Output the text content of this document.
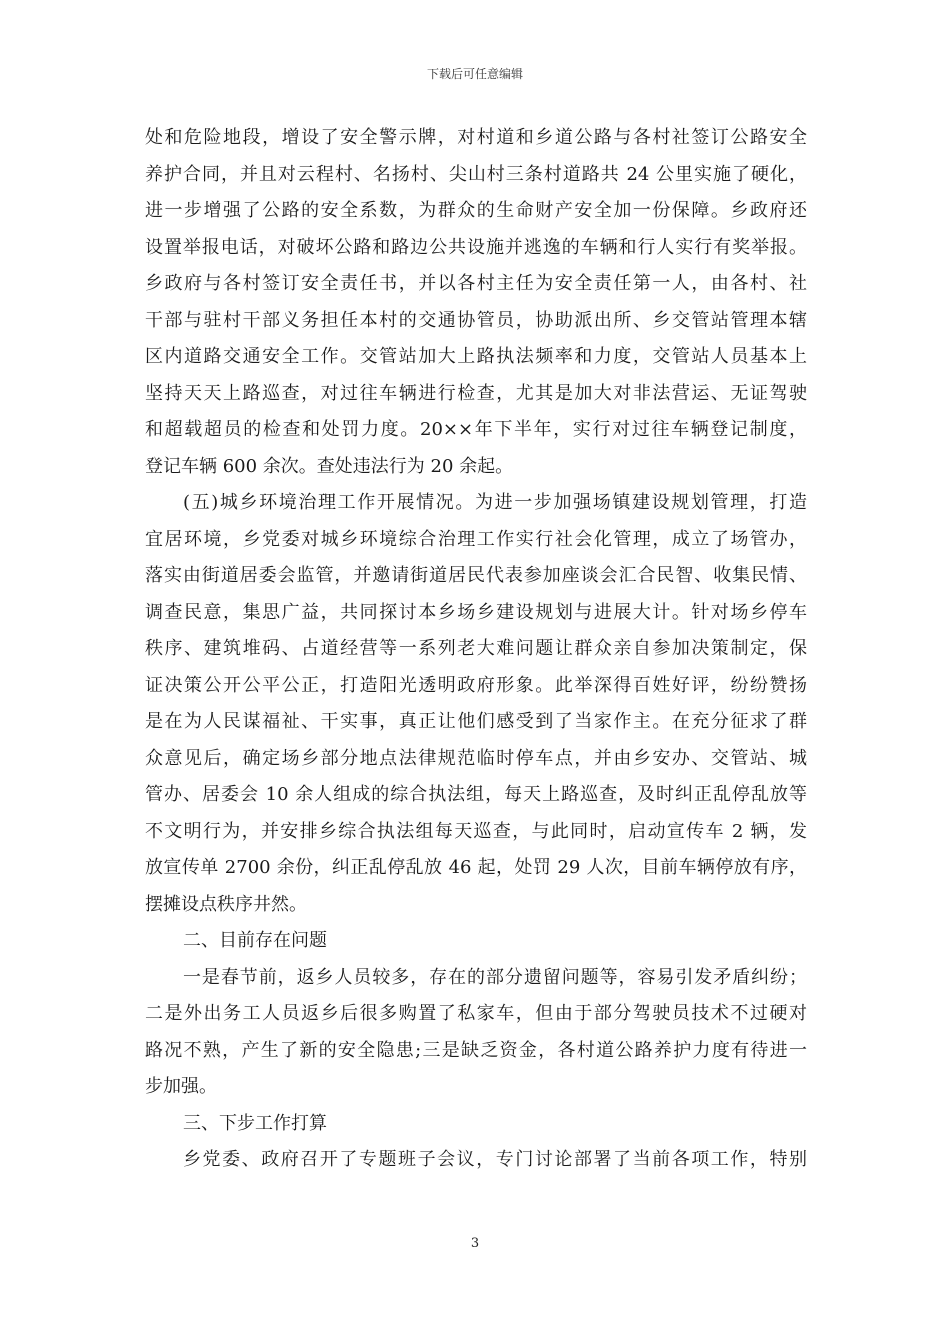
下载后可任意编辑
处和危险地段，增设了安全警示牌，对村道和乡道公路与各村社签订公路安全
养护合同，并且对云程村、名扬村、尖山村三条村道路共 24 公里实施了硬化，
进一步增强了公路的安全系数，为群众的生命财产安全加一份保障。乡政府还
设置举报电话，对破坏公路和路边公共设施并逃逸的车辆和行人实行有奖举报。
乡政府与各村签订安全责任书，并以各村主任为安全责任第一人，由各村、社
干部与驻村干部义务担任本村的交通协管员，协助派出所、乡交管站管理本辖
区内道路交通安全工作。交管站加大上路执法频率和力度，交管站人员基本上
坚持天天上路巡查，对过往车辆进行检查，尤其是加大对非法营运、无证驾驶
和超载超员的检查和处罚力度。20××年下半年，实行对过往车辆登记制度，
登记车辆 600 余次。查处违法行为 20 余起。
(五)城乡环境治理工作开展情况。为进一步加强场镇建设规划管理，打造
宜居环境，乡党委对城乡环境综合治理工作实行社会化管理，成立了场管办，
落实由街道居委会监管，并邀请街道居民代表参加座谈会汇合民智、收集民情、
调查民意，集思广益，共同探讨本乡场乡建设规划与进展大计。针对场乡停车
秩序、建筑堆码、占道经营等一系列老大难问题让群众亲自参加决策制定，保
证决策公开公平公正，打造阳光透明政府形象。此举深得百姓好评，纷纷赞扬
是在为人民谋福祉、干实事，真正让他们感受到了当家作主。在充分征求了群
众意见后，确定场乡部分地点法律规范临时停车点，并由乡安办、交管站、城
管办、居委会 10 余人组成的综合执法组，每天上路巡查，及时纠正乱停乱放等
不文明行为，并安排乡综合执法组每天巡查，与此同时，启动宣传车 2 辆，发
放宣传单 2700 余份，纠正乱停乱放 46 起，处罚 29 人次，目前车辆停放有序，
摆摊设点秩序井然。
二、目前存在问题
一是春节前，返乡人员较多，存在的部分遗留问题等，容易引发矛盾纠纷；
二是外出务工人员返乡后很多购置了私家车，但由于部分驾驶员技术不过硬对
路况不熟，产生了新的安全隐患;三是缺乏资金，各村道公路养护力度有待进一
步加强。
三、下步工作打算
乡党委、政府召开了专题班子会议，专门讨论部署了当前各项工作，特别
3
